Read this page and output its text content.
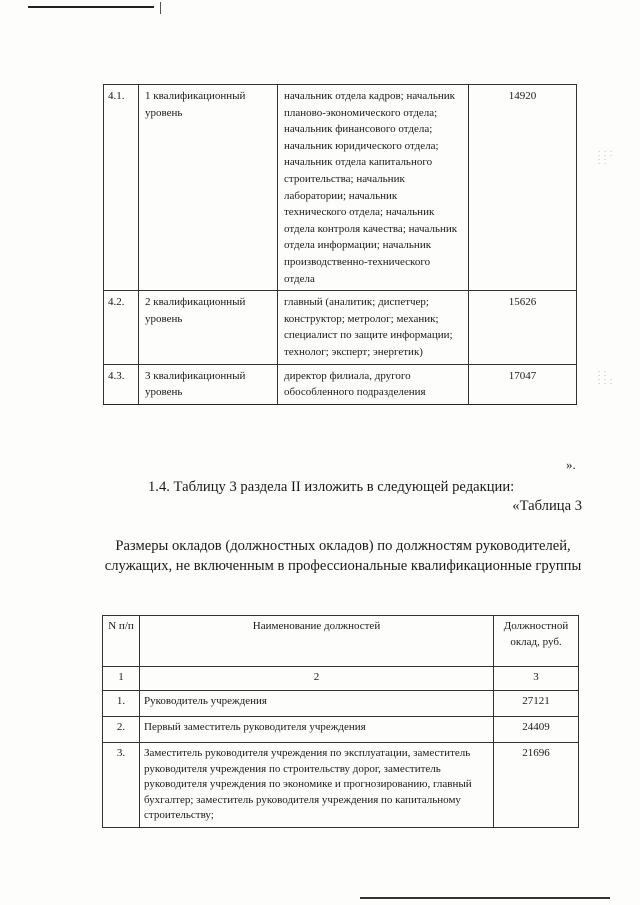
⁚ ⁚ ⁚
⁚ ⁚
⁚ ⁚
⁚ ⁚ ⁚
4.1.	1 квалификационный уровень	начальник отдела кадров; начальник планово-экономического отдела; начальник финансового отдела; начальник юридического отдела; начальник отдела капитального строительства; начальник лаборатории; начальник технического отдела; начальник отдела контроля качества; начальник отдела информации; начальник производственно-технического отдела	14920
4.2.	2 квалификационный уровень	главный (аналитик; диспетчер; конструктор; метролог; механик; специалист по защите информации; технолог; эксперт; энергетик)	15626
4.3.	3 квалификационный уровень	директор филиала, другого обособленного подразделения	17047
».
1.4. Таблицу 3 раздела II изложить в следующей редакции:
«Таблица 3
Размеры окладов (должностных окладов) по должностям руководителей, служащих, не включенным в профессиональные квалификационные группы
N п/п	Наименование должностей	Должностной оклад, руб.
1	2	3
1.	Руководитель учреждения	27121
2.	Первый заместитель руководителя учреждения	24409
3.	Заместитель руководителя учреждения по эксплуатации, заместитель руководителя учреждения по строительству дорог, заместитель руководителя учреждения по экономике и прогнозированию, главный бухгалтер; заместитель руководителя учреждения по капитальному строительству;	21696
